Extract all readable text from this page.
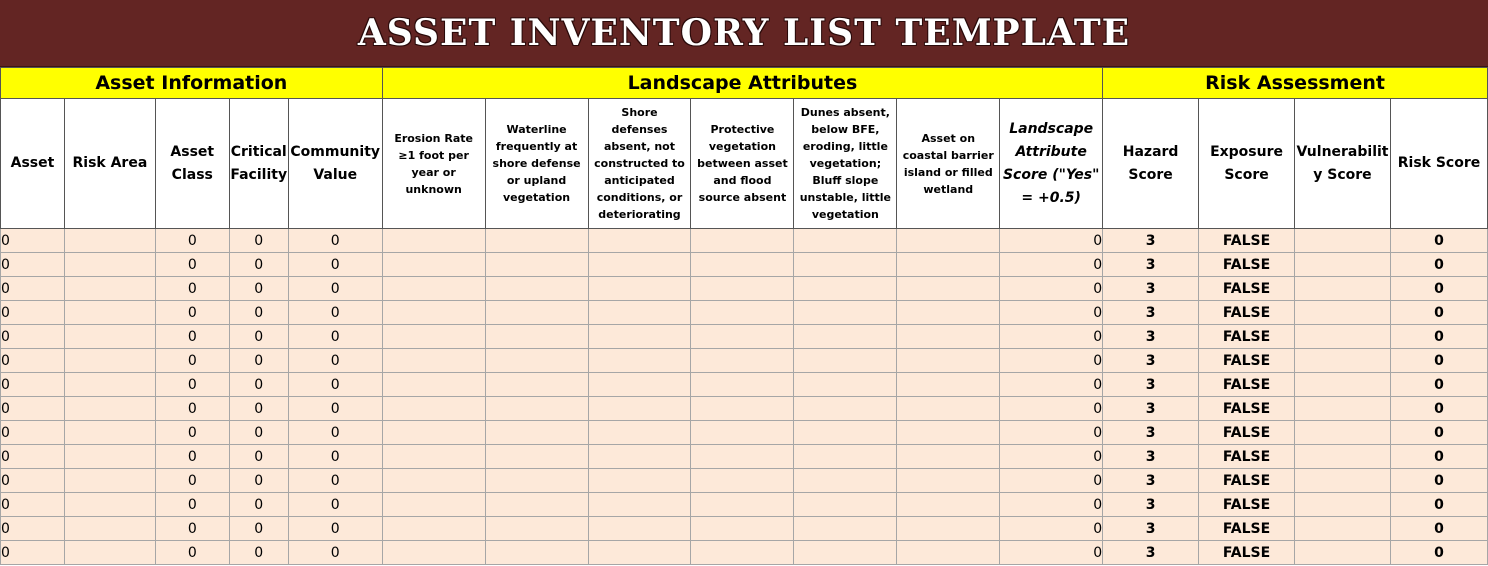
ASSET INVENTORY LIST TEMPLATE
Asset Information					Landscape Attributes							Risk Assessment			
Asset	Risk Area	Asset Class	Critical Facility	Community Value	Erosion Rate ≥1 foot per year or unknown	Waterline frequently at shore defense or upland vegetation	Shore defenses absent, not constructed to anticipated conditions, or deteriorating	Protective vegetation between asset and flood source absent	Dunes absent, below BFE, eroding, little vegetation; Bluff slope unstable, little vegetation	Asset on coastal barrier island or filled wetland	Landscape Attribute Score ("Yes" = +0.5)	Hazard Score	Exposure Score	Vulnerabilit y Score	Risk Score
0		0	0	0							0	3	FALSE		0
0		0	0	0							0	3	FALSE		0
0		0	0	0							0	3	FALSE		0
0		0	0	0							0	3	FALSE		0
0		0	0	0							0	3	FALSE		0
0		0	0	0							0	3	FALSE		0
0		0	0	0							0	3	FALSE		0
0		0	0	0							0	3	FALSE		0
0		0	0	0							0	3	FALSE		0
0		0	0	0							0	3	FALSE		0
0		0	0	0							0	3	FALSE		0
0		0	0	0							0	3	FALSE		0
0		0	0	0							0	3	FALSE		0
0		0	0	0							0	3	FALSE		0
